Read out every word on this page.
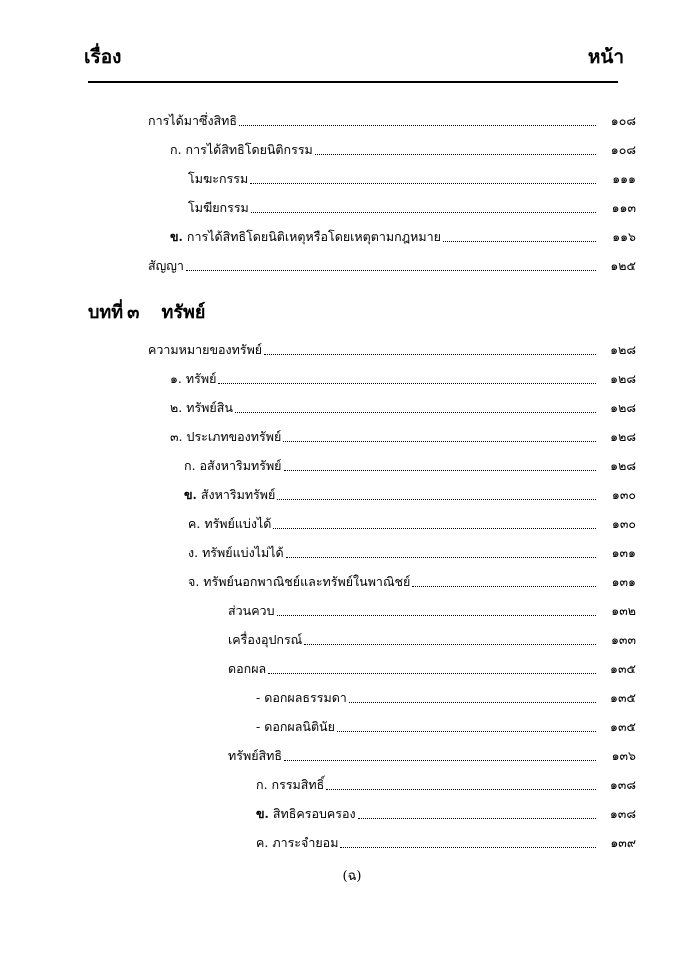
เรื่อง	หน้า
การได้มาซึ่งสิทธิ	๑๐๘
ก. การได้สิทธิโดยนิติกรรม	๑๐๘
โมฆะกรรม	๑๑๑
โมฆียกรรม	๑๑๓
ข. การได้สิทธิโดยนิติเหตุหรือโดยเหตุตามกฎหมาย	๑๑๖
สัญญา	๑๒๕
บทที่ ๓ ทรัพย์
ความหมายของทรัพย์	๑๒๘
๑. ทรัพย์	๑๒๘
๒. ทรัพย์สิน	๑๒๘
๓. ประเภทของทรัพย์	๑๒๘
ก. อสังหาริมทรัพย์	๑๒๘
ข. สังหาริมทรัพย์	๑๓๐
ค. ทรัพย์แบ่งได้	๑๓๐
ง. ทรัพย์แบ่งไม่ได้	๑๓๑
จ. ทรัพย์นอกพาณิชย์และทรัพย์ในพาณิชย์	๑๓๑
ส่วนควบ	๑๓๒
เครื่องอุปกรณ์	๑๓๓
ดอกผล	๑๓๕
- ดอกผลธรรมดา	๑๓๕
- ดอกผลนิตินัย	๑๓๕
ทรัพย์สิทธิ	๑๓๖
ก. กรรมสิทธิ์	๑๓๘
ข. สิทธิครอบครอง	๑๓๘
ค. ภาระจำยอม	๑๓๙
(ฉ)
